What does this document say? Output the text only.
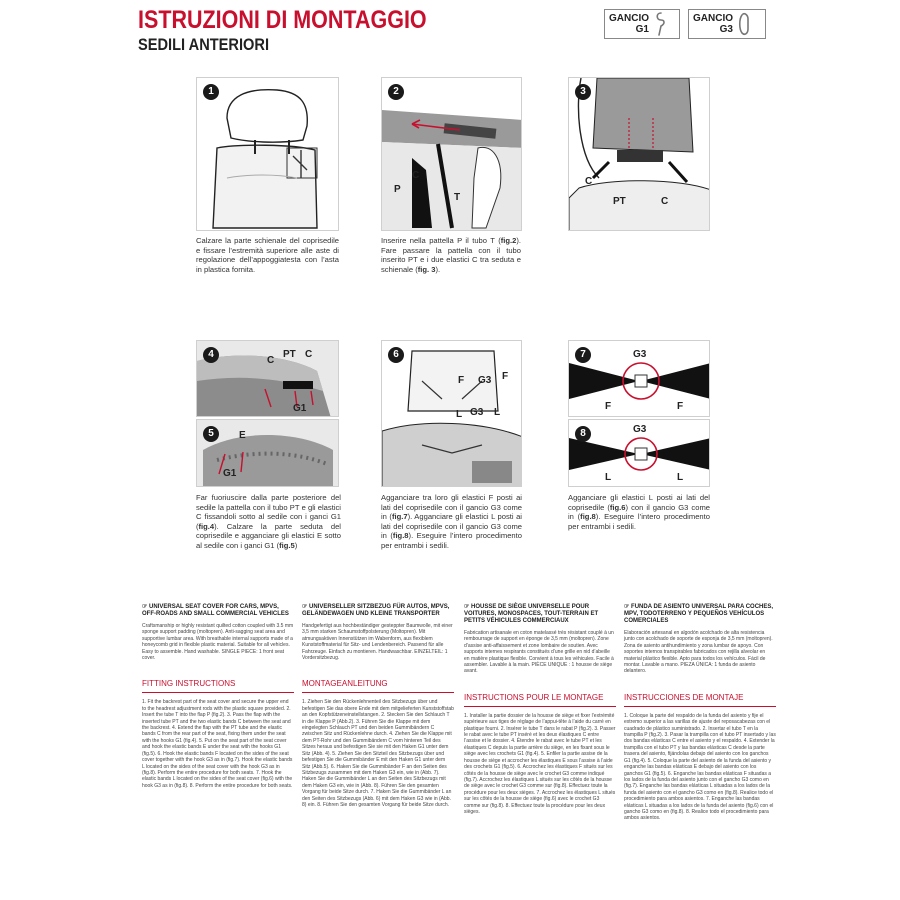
ISTRUZIONI DI MONTAGGIO
SEDILI ANTERIORI
GANCIO
G1
GANCIO
G3
1	2
P
C
T
3
C
PT	C
Calzare la parte schienale del coprisedile e fissare l’estremità superiore alle aste di regolazione dell’appoggiatesta con l’asta in plastica fornita.
Inserire nella pattella P il tubo T (fig.2). Fare passare la pattella con il tubo inserito PT e i due elastici C tra seduta e schienale (fig. 3).
4
C
PT C
G1
5	E
G1
6
F G3 F
L G3 L
7	G3
F	F
8	G3
L	L
Far fuoriuscire dalla parte posteriore del sedile la pattella con il tubo PT e gli elastici C fissandoli sotto al sedile con i ganci G1 (fig.4). Calzare la parte seduta del coprisedile e agganciare gli elastici E sotto al sedile con i ganci G1 (fig.5)
Agganciare tra loro gli elastici F posti ai lati del coprisedile con il gancio G3 come in (fig.7). Agganciare gli elastici L posti ai lati del coprisedile con il gancio G3 come in (fig.8). Eseguire l’intero procedimento per entrambi i sedili.
Agganciare gli elastici L posti ai lati del coprisedile (fig.6) con il gancio G3 come in (fig.8). Eseguire l’intero procedimento per entrambi i sedili.
☞ UNIVERSAL SEAT COVER FOR CARS, MPVS, OFF-ROADS AND SMALL COMMERCIAL VEHICLES
Craftsmanship or highly resistant quilted cotton coupled with 3.5 mm sponge support padding (moltopren). Anti-sagging seat area and supportive lumbar area. With breathable internal supports made of a honeycomb grid in flexible plastic material. Suitable for all vehicles. Easy to assemble. Hand washable. SINGLE PIECE: 1 front seat cover.
FITTING INSTRUCTIONS
1. Fit the backrest part of the seat cover and secure the upper end to the headrest adjustment rods with the plastic square provided. 2. Insert the tube T into the flap P (fig.2). 3. Pass the flap with the inserted tube PT and the two elastic bands C between the seat and the backrest. 4. Extend the flap with the PT tube and the elastic bands C from the rear part of the seat, fixing them under the seat with the hooks G1 (fig.4). 5. Put on the seat part of the seat cover and hook the elastic bands E under the seat with the hooks G1 (fig.5). 6. Hook the elastic bands F located on the sides of the seat cover together with the hook G3 as in (fig.7). Hook the elastic bands L located on the sides of the seat cover with the hook G3 as in (fig.8). Perform the entire procedure for both seats. 7. Hook the elastic bands L located on the sides of the seat cover (fig.6) with the hook G3 as in (fig.8). 8. Perform the entire procedure for both seats.
☞ UNIVERSELLER SITZBEZUG FÜR AUTOS, MPVS, GELÄNDEWAGEN UND KLEINE TRANSPORTER
Handgefertigt aus hochbeständiger gesteppter Baumwolle, mit einer 3,5 mm starken Schaumstoffpolsterung (Moltopren). Mit atmungsaktiven Innenstützen im Wabenform, aus flexiblem Kunststoffmaterial für Sitz- und Lendenbereich. Passend für alle Fahrzeuge. Einfach zu montieren. Handwaschbar. EINZELTEIL: 1 Vordersitzbezug.
MONTAGEANLEITUNG
1. Ziehen Sie den Rückenlehnenteil des Sitzbezugs über und befestigen Sie das obere Ende mit dem mitgelieferten Kunststoffstab an den Kopfstützeneinstellstangen. 2. Stecken Sie den Schlauch T in die Klappe P (Abb.2). 3. Führen Sie die Klappe mit dem eingelegten Schlauch PT und den beiden Gummibändern C zwischen Sitz und Rückenlehne durch. 4. Ziehen Sie die Klappe mit dem PT-Rohr und den Gummibändern C vom hinteren Teil des Sitzes heraus und befestigen Sie sie mit den Haken G1 unter dem Sitz (Abb. 4). 5. Ziehen Sie den Sitzteil des Sitzbezugs über und befestigen Sie die Gummibänder E mit den Haken G1 unter dem Sitz (Abb.5). 6. Haken Sie die Gummibänder F an den Seiten des Sitzbezugs zusammen mit dem Haken G3 ein, wie in (Abb. 7). Haken Sie die Gummibänder L an den Seiten des Sitzbezugs mit dem Haken G3 ein, wie in (Abb. 8). Führen Sie den gesamten Vorgang für beide Sitze durch. 7. Haken Sie die Gummibänder L an den Seiten des Sitzbezugs (Abb. 6) mit dem Haken G3 wie in (Abb. 8) ein. 8. Führen Sie den gesamten Vorgang für beide Sitze durch.
☞ HOUSSE DE SIÈGE UNIVERSELLE POUR VOITURES, MONOSPACES, TOUT-TERRAIN ET PETITS VÉHICULES COMMERCIAUX
Fabrication artisanale en coton matelassé très résistant couplé à un rembourrage de support en éponge de 3,5 mm (moltopren). Zone d’assise anti-affaissement et zone lombaire de soutien. Avec supports internes respirants constitués d’une grille en nid d’abeille en matière plastique flexible. Convient à tous les véhicules. Facile à assembler. Lavable à la main. PIÈCE UNIQUE : 1 housse de siège avant.
INSTRUCTIONS POUR LE MONTAGE
1. Installer la partie dossier de la housse de siège et fixer l’extrémité supérieure aux tiges de réglage de l’appui-tête à l’aide du carré en plastique fourni. 2. Insérer le tube T dans le rabat P (fig.2). 3. Passer le rabat avec le tube PT inséré et les deux élastiques C entre l’assise et le dossier. 4. Étendre le rabat avec le tube PT et les élastiques C depuis la partie arrière du siège, en les fixant sous le siège avec les crochets G1 (fig.4). 5. Enfiler la partie assise de la housse de siège et accrocher les élastiques E sous l’assise à l’aide des crochets G1 (fig.5). 6. Accrochez les élastiques F situés sur les côtés de la housse de siège avec le crochet G3 comme indiqué (fig.7). Accrochez les élastiques L situés sur les côtés de la housse de siège avec le crochet G3 comme sur (fig.8). Effectuez toute la procédure pour les deux sièges. 7. Accrochez les élastiques L situés sur les côtés de la housse de siège (fig.6) avec le crochet G3 comme sur (fig.8). 8. Effectuez toute la procédure pour les deux sièges.
☞ FUNDA DE ASIENTO UNIVERSAL PARA COCHES, MPV, TODOTERRENO Y PEQUEÑOS VEHÍCULOS COMERCIALES
Elaboración artesanal en algodón acolchado de alta resistencia junto con acolchado de soporte de esponja de 3,5 mm (moltopren). Zona de asiento antihundimiento y zona lumbar de apoyo. Con soportes internos transpirables fabricados con rejilla alveolar en material plástico flexible. Apto para todos los vehículos. Fácil de montar. Lavable a mano. PIEZA ÚNICA: 1 funda de asiento delantero.
INSTRUCCIONES DE MONTAJE
1. Coloque la parte del respaldo de la funda del asiento y fije el extremo superior a las varillas de ajuste del reposacabezas con el cuadrado de plástico suministrado. 2. Insertar el tubo T en la trampilla P (fig.2). 3. Pasar la trampilla con el tubo PT insertado y las dos bandas elásticas C entre el asiento y el respaldo. 4. Extender la trampilla con el tubo PT y las bandas elásticas C desde la parte trasera del asiento, fijándolas debajo del asiento con los ganchos G1 (fig.4). 5. Coloque la parte del asiento de la funda del asiento y enganche las bandas elásticas E debajo del asiento con los ganchos G1 (fig.5). 6. Enganche las bandas elásticas F situadas a los lados de la funda del asiento junto con el gancho G3 como en (fig.7). Enganche las bandas elásticas L situadas a los lados de la funda del asiento con el gancho G3 como en (fig.8). Realice todo el procedimiento para ambos asientos. 7. Enganche las bandas elásticas L situadas a los lados de la funda del asiento (fig.6) con el gancho G3 como en (fig.8). 8. Realice todo el procedimiento para ambos asientos.
